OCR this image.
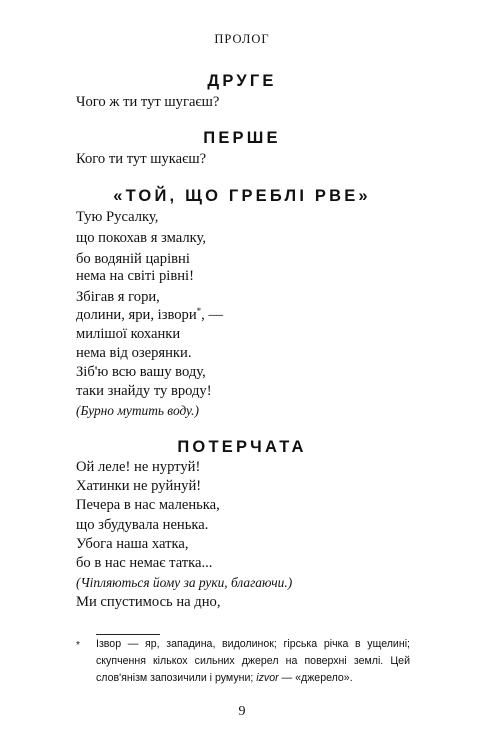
ПРОЛОГ
ДРУГЕ
Чого ж ти тут шугаєш?
ПЕРШЕ
Кого ти тут шукаєш?
«ТОЙ, ЩО ГРЕБЛІ РВЕ»
Тую Русалку,
що покохав я змалку,
бо водяній царівні
нема на світі рівні!
Збігав я гори,
долини, яри, ізвори*, —
милішої коханки
нема від озерянки.
Зіб'ю всю вашу воду,
таки знайду ту вроду!
(Бурно мутить воду.)
ПОТЕРЧАТА
Ой леле! не нуртуй!
Хатинки не руйнуй!
Печера в нас маленька,
що збудувала ненька.
Убога наша хатка,
бо в нас немає татка...
(Чіпляються йому за руки, благаючи.)
Ми спустимось на дно,
* Ізвор — яр, западина, видолинок; гірська річка в ущелині;
скупчення кількох сильних джерел на поверхні землі. Цей
слов'янізм запозичили і румуни; izvor — «джерело».
9
